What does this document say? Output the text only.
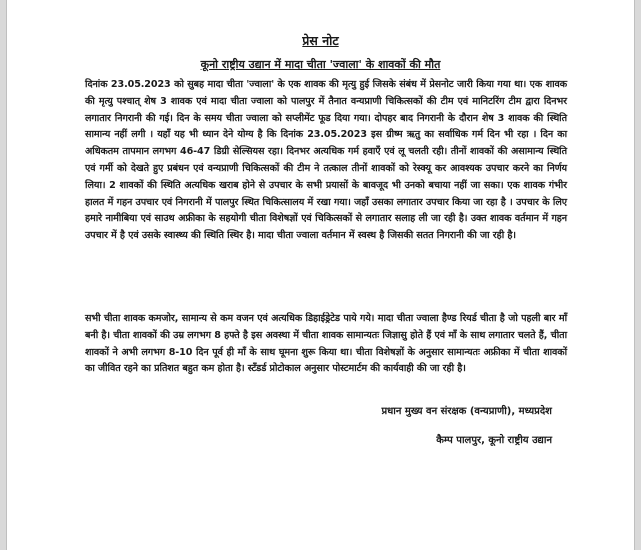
प्रेस नोट
कूनो राष्ट्रीय उद्यान में मादा चीता 'ज्वाला' के शावकों की मौत

दिनांक 23.05.2023 को सुबह मादा चीता 'ज्वाला' के एक शावक की मृत्यु हुई जिसके संबंध में प्रेसनोट जारी किया गया था। एक शावक की मृत्यु पश्चात् शेष 3 शावक एवं मादा चीता ज्वाला को पालपुर में तैनात वन्यप्राणी चिकित्सकों की टीम एवं मानिटरिंग टीम द्वारा दिनभर लगातार निगरानी की गई। दिन के समय चीता ज्वाला को सप्लीमेंट फूड दिया गया। दोपहर बाद निगरानी के दौरान शेष 3 शावक की स्थिति सामान्य नहीं लगी । यहाँ यह भी ध्यान देने योग्य है कि दिनांक 23.05.2023 इस ग्रीष्म ऋतु का सर्वाधिक गर्म दिन भी रहा । दिन का अधिकतम तापमान लगभग 46-47 डिग्री सेल्सियस रहा। दिनभर अत्यधिक गर्म हवाएँ एवं लू चलती रही। तीनों शावकों की असामान्य स्थिति एवं गर्मी को देखते हुए प्रबंधन एवं वन्यप्राणी चिकित्सकों की टीम ने तत्काल तीनों शावकों को रेस्क्यू कर आवश्यक उपचार करने का निर्णय लिया। 2 शावकों की स्थिति अत्यधिक खराब होने से उपचार के सभी प्रयासों के बावजूद भी उनको बचाया नहीं जा सका। एक शावक गंभीर हालत में गहन उपचार एवं निगरानी में पालपुर स्थित चिकित्सालय में रखा गया। जहाँ उसका लगातार उपचार किया जा रहा है । उपचार के लिए हमारे नामीबिया एवं साउथ अफ्रीका के सहयोगी चीता विशेषज्ञों एवं चिकित्सकों से लगातार सलाह ली जा रही है। उक्त शावक वर्तमान में गहन उपचार में है एवं उसके स्वास्थ्य की स्थिति स्थिर है। मादा चीता ज्वाला वर्तमान में स्वस्थ है जिसकी सतत निगरानी की जा रही है।

सभी चीता शावक कमजोर, सामान्य से कम वजन एवं अत्यधिक डिहाईड्रेटेड पाये गये। मादा चीता ज्वाला हैण्ड रियर्ड चीता है जो पहली बार माँ बनी है। चीता शावकों की उम्र लगभग 8 हफ्ते है इस अवस्था में चीता शावक सामान्यतः जिज्ञासु होते हैं एवं माँ के साथ लगातार चलते हैं, चीता शावकों ने अभी लगभग 8-10 दिन पूर्व ही माँ के साथ घूमना शुरू किया था। चीता विशेषज्ञों के अनुसार सामान्यतः अफ्रीका में चीता शावकों का जीवित रहने का प्रतिशत बहुत कम होता है। स्टॅंडर्ड प्रोटोकाल अनुसार पोस्टमार्टम की कार्यवाही की जा रही है।

प्रधान मुख्य वन संरक्षक (वन्यप्राणी), मध्यप्रदेश
कैम्प पालपुर, कूनो राष्ट्रीय उद्यान
